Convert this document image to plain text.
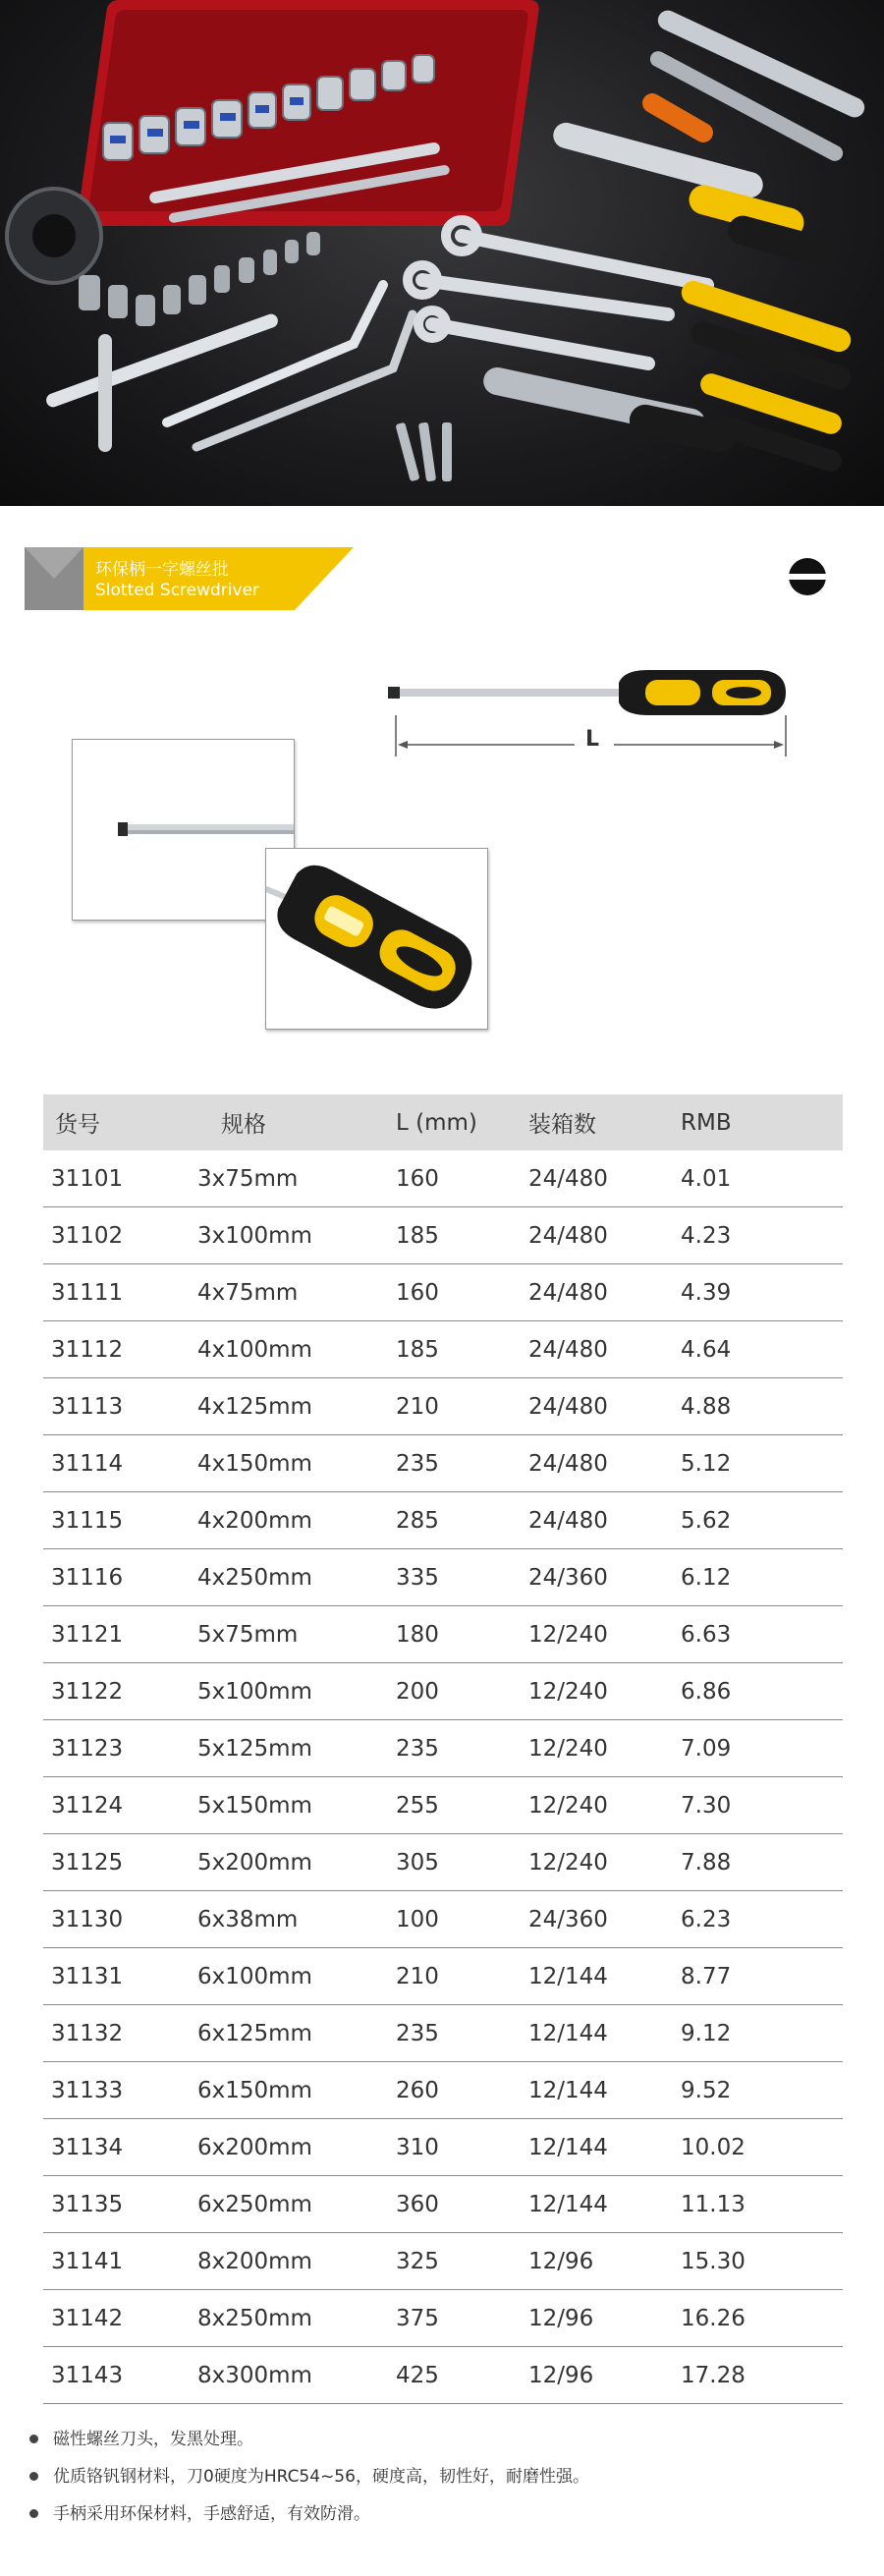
环保柄一字螺丝批
Slotted Screwdriver
L
货号	规格	L (mm)	装箱数	RMB
31101	3x75mm	160	24/480	4.01
31102	3x100mm	185	24/480	4.23
31111	4x75mm	160	24/480	4.39
31112	4x100mm	185	24/480	4.64
31113	4x125mm	210	24/480	4.88
31114	4x150mm	235	24/480	5.12
31115	4x200mm	285	24/480	5.62
31116	4x250mm	335	24/360	6.12
31121	5x75mm	180	12/240	6.63
31122	5x100mm	200	12/240	6.86
31123	5x125mm	235	12/240	7.09
31124	5x150mm	255	12/240	7.30
31125	5x200mm	305	12/240	7.88
31130	6x38mm	100	24/360	6.23
31131	6x100mm	210	12/144	8.77
31132	6x125mm	235	12/144	9.12
31133	6x150mm	260	12/144	9.52
31134	6x200mm	310	12/144	10.02
31135	6x250mm	360	12/144	11.13
31141	8x200mm	325	12/96	15.30
31142	8x250mm	375	12/96	16.26
31143	8x300mm	425	12/96	17.28
磁性螺丝刀头，发黑处理。
优质铬钒钢材料，刀0硬度为HRC54~56，硬度高，韧性好，耐磨性强。
手柄采用环保材料，手感舒适，有效防滑。
